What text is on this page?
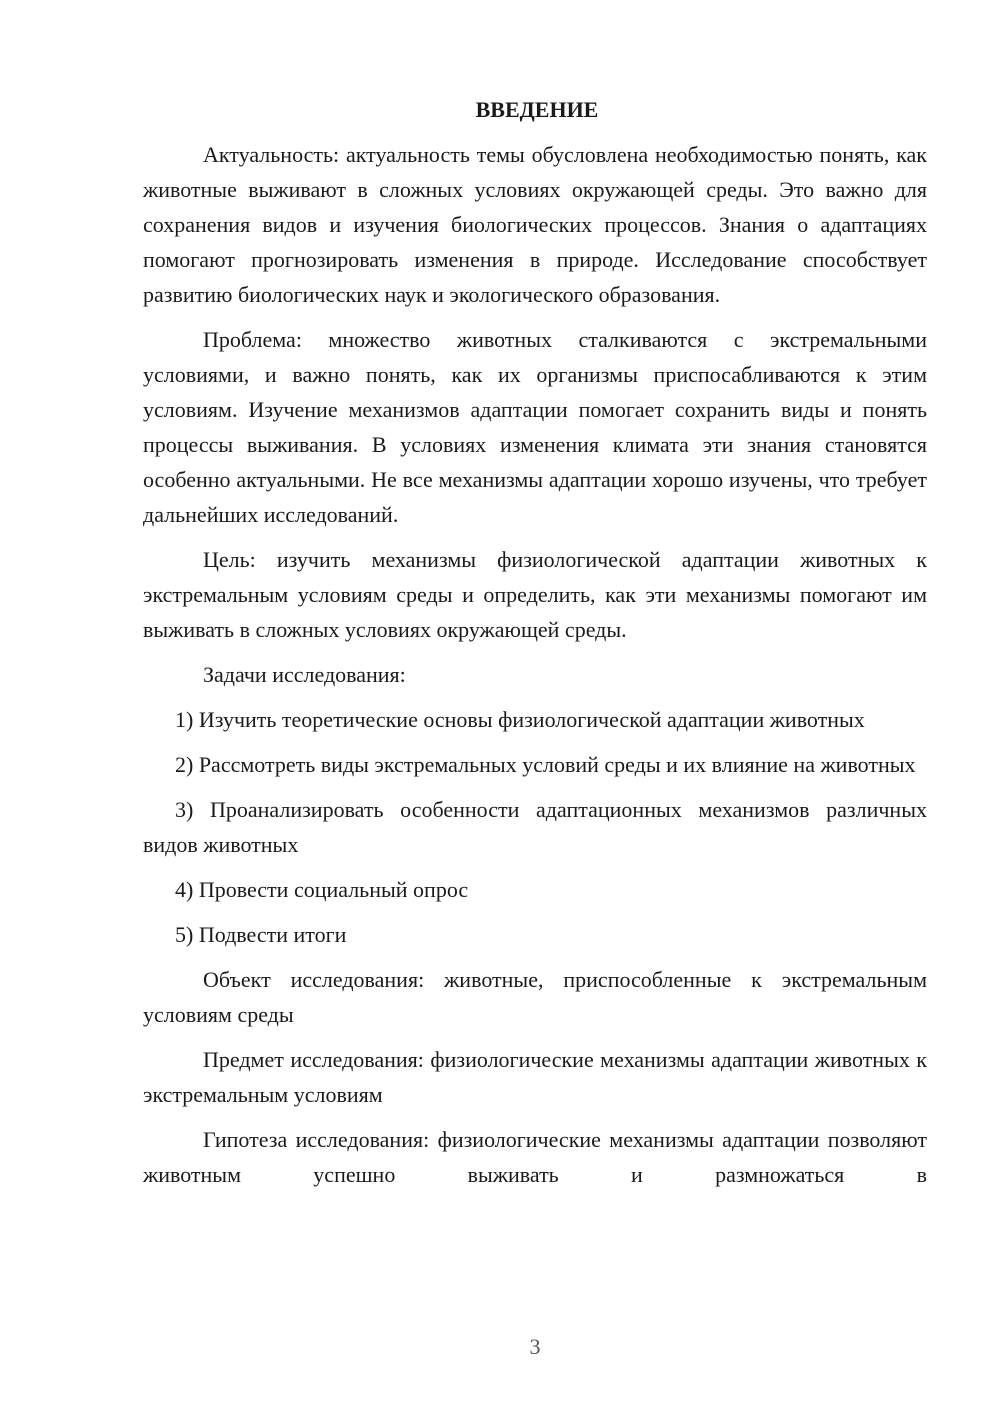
ВВЕДЕНИЕ
Актуальность: актуальность темы обусловлена необходимостью понять, как животные выживают в сложных условиях окружающей среды. Это важно для сохранения видов и изучения биологических процессов. Знания о адаптациях помогают прогнозировать изменения в природе. Исследование способствует развитию биологических наук и экологического образования.
Проблема: множество животных сталкиваются с экстремальными условиями, и важно понять, как их организмы приспосабливаются к этим условиям. Изучение механизмов адаптации помогает сохранить виды и понять процессы выживания. В условиях изменения климата эти знания становятся особенно актуальными. Не все механизмы адаптации хорошо изучены, что требует дальнейших исследований.
Цель: изучить механизмы физиологической адаптации животных к экстремальным условиям среды и определить, как эти механизмы помогают им выживать в сложных условиях окружающей среды.
Задачи исследования:
1) Изучить теоретические основы физиологической адаптации животных
2) Рассмотреть виды экстремальных условий среды и их влияние на животных
3) Проанализировать особенности адаптационных механизмов различных видов животных
4) Провести социальный опрос
5) Подвести итоги
Объект исследования: животные, приспособленные к экстремальным условиям среды
Предмет исследования: физиологические механизмы адаптации животных к экстремальным условиям
Гипотеза исследования: физиологические механизмы адаптации позволяют животным успешно выживать и размножаться в
3
